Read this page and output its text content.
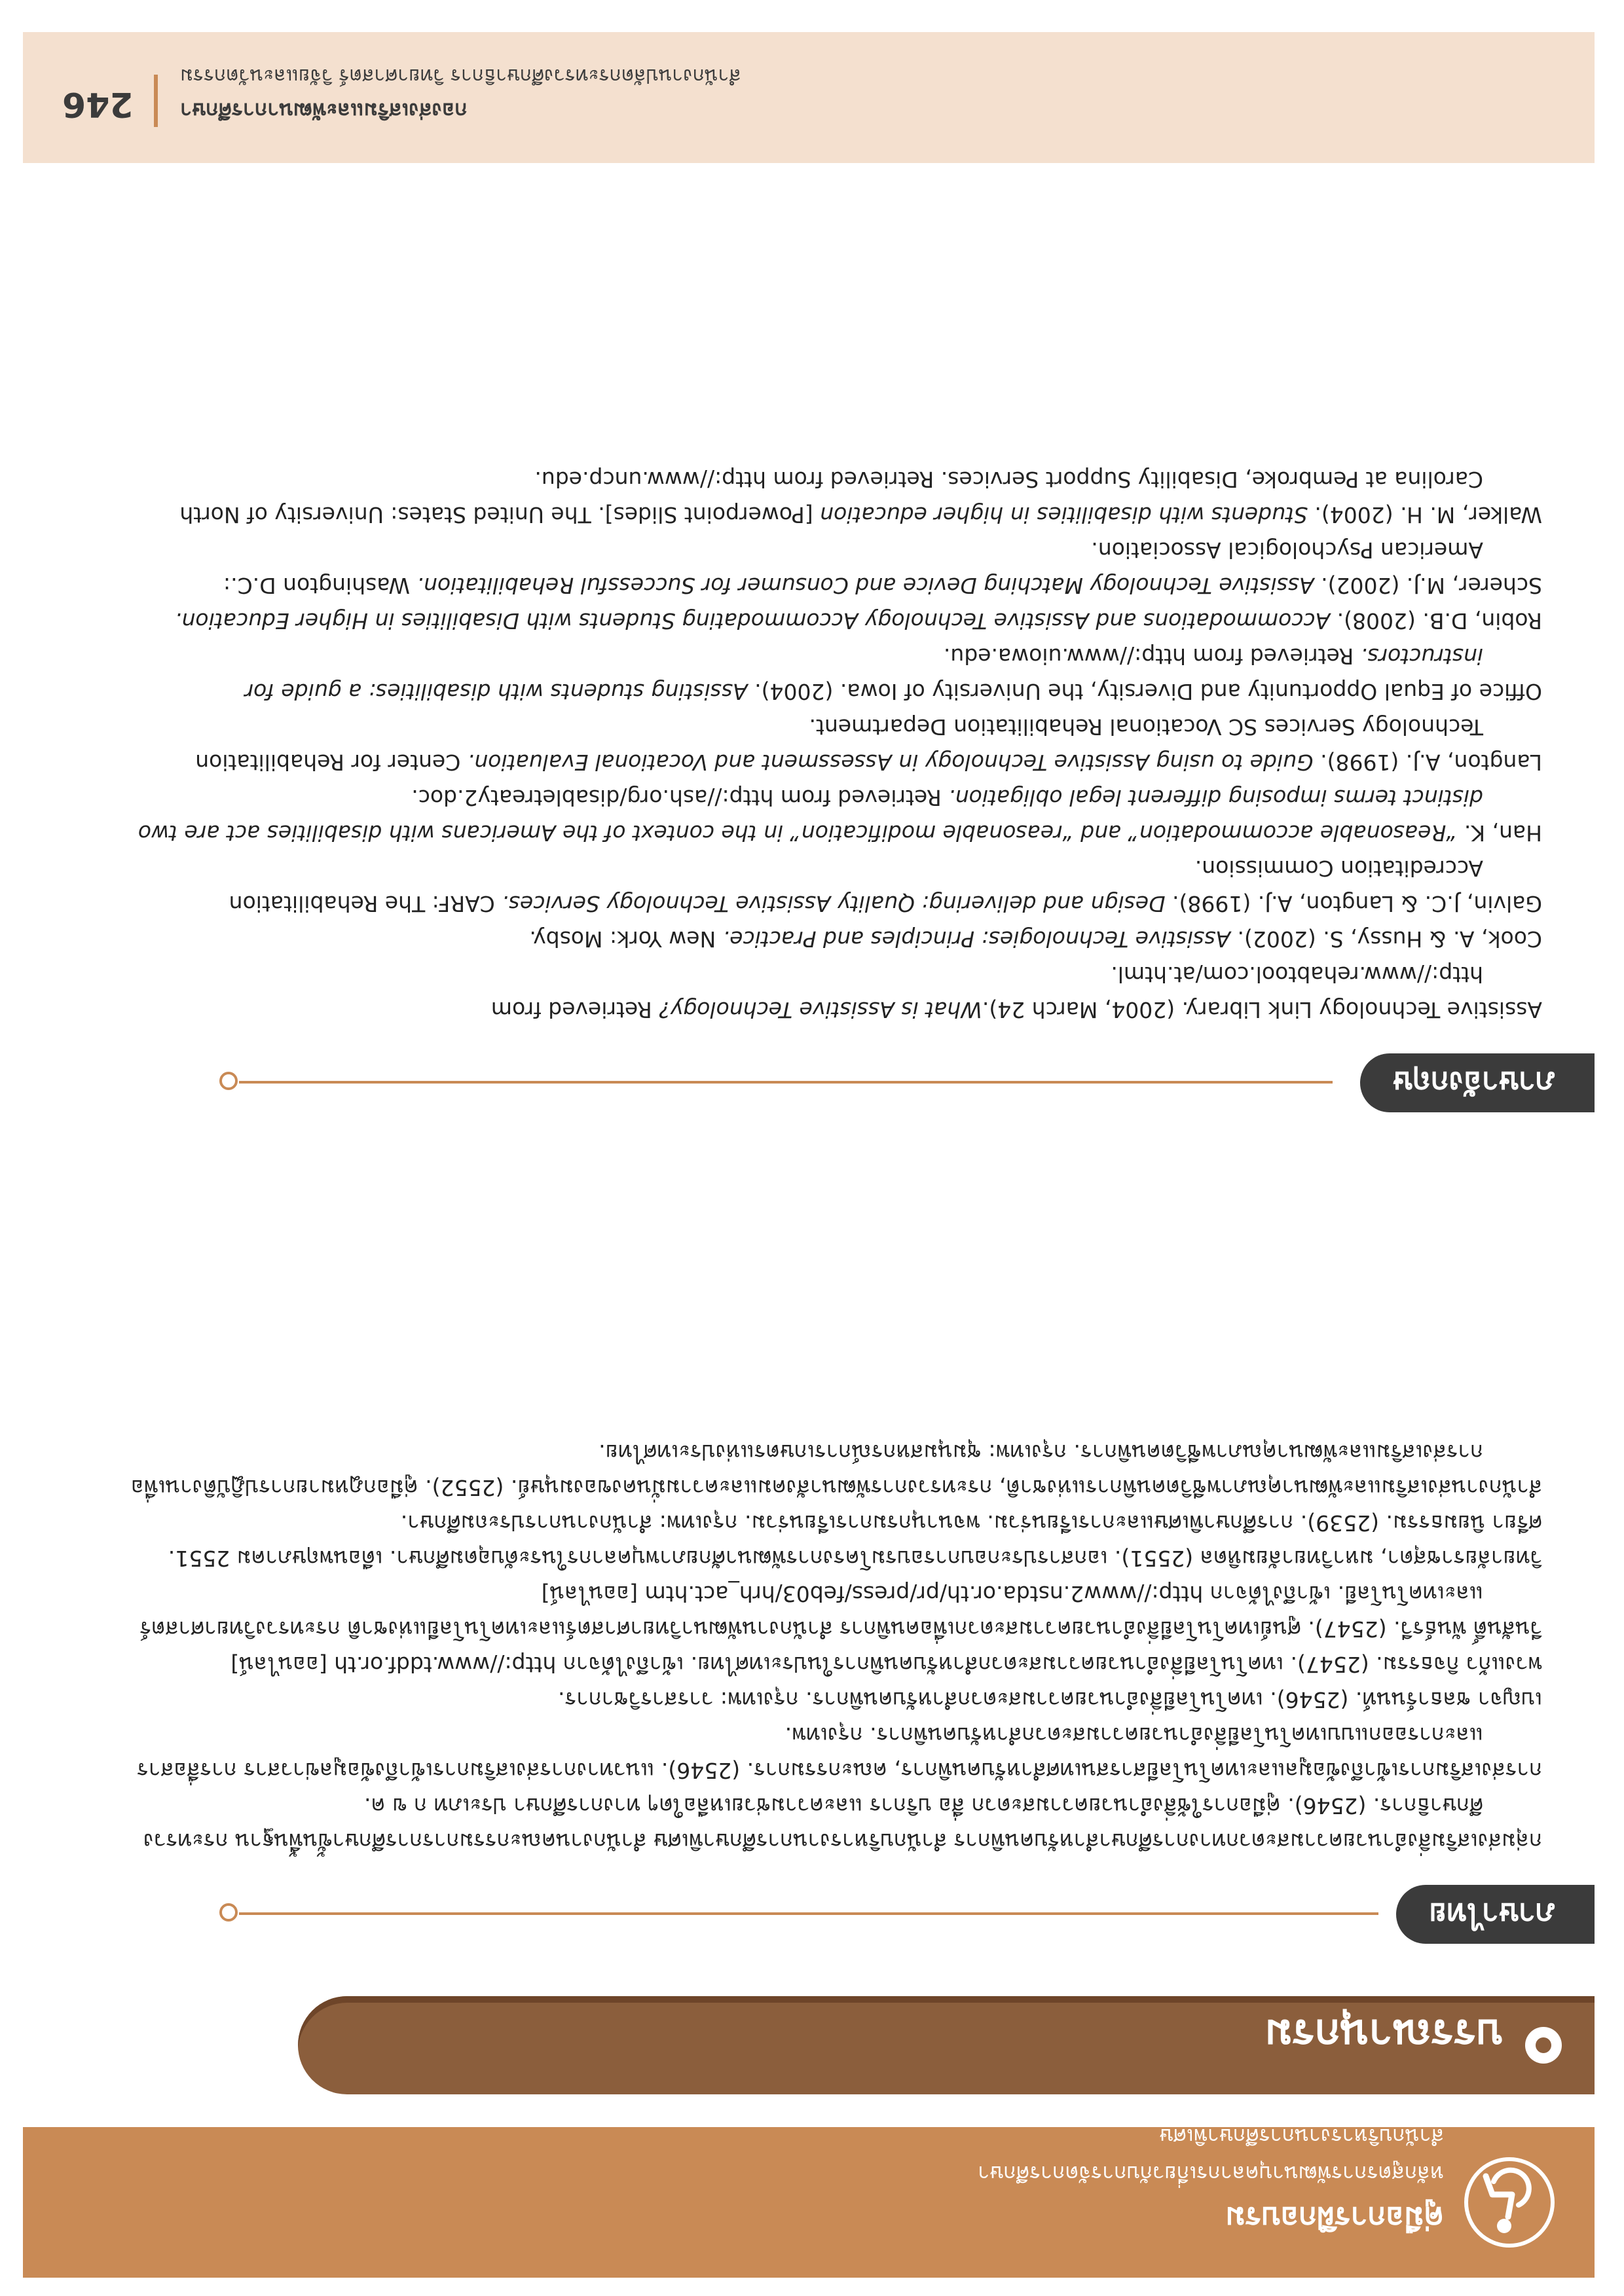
คู่มือการฝึกอบรม
หลักสูตรการพัฒนาบุคลากรเกี่ยวกับการจัดการศึกษา
สำนักบริหารงานการศึกษาพิเศษ
บรรณานุกรม
ภาษาไทย

กลุ่มส่งเสริมสิ่งอำนวยความสะดวกทางการศึกษาสำหรับคนพิการ สำนักบริหารงานการศึกษาพิเศษ สำนักงานคณะกรรมการการศึกษาขั้นพื้นฐาน กระทรวงศึกษาธิการ. (2546). คู่มือการใช้สิ่งอำนวยความสะดวก สื่อ บริการ และความช่วยเหลือใดๆ ทางการศึกษา ประเภท ก ข ค.

การส่งเสริมการเข้าถึงข้อมูลและเทคโนโลยีสารสนเทศสำหรับคนพิการ, คณะกรรมการ. (2546). แนวทางการส่งเสริมการเข้าถึงข้อมูลข่าวสาร การสื่อสาร และการออกแบบเทคโนโลยีสิ่งอำนวยความสะดวกสำหรับคนพิการ. กรุงเทพ.

เบญจา ชลธาร์นนท์. (2546). เทคโนโลยีสิ่งอำนวยความสะดวกสำหรับคนพิการ. กรุงเทพ: วารสารวิชาการ.

พวงแก้ว กิจธรรม. (2547). เทคโนโลยีสิ่งอำนวยความสะดวกสำหรับคนพิการในประเทศไทย. เข้าถึงได้จาก http://www.tddf.or.th [ออนไลน์]

วีนสันติ์ พันธ์รวี. (2547). ศูนย์เทคโนโลยีสิ่งอำนวยความสะดวกเพื่อคนพิการ สำนักงานพัฒนาวิทยาศาสตร์และเทคโนโลยีแห่งชาติ กระทรวงวิทยาศาสตร์และเทคโนโลยี. เข้าถึงได้จาก http://www2.nstda.or.th/pr/press/feb03/hrh_act.htm [ออนไลน์]

วิทยาลัยราชสุดา, มหาวิทยาลัยมหิดล (2551). เอกสารประกอบการอบรมโครงการพัฒนาศักยภาพบุคลากรในระดับอุดมศึกษา. เดือนพฤษภาคม 2551.

ศรียา นิยมธรรม. (2539). การศึกษาพิเศษและการเรียนร่วม. พจนานุกรมการเรียนร่วม. กรุงเทพ: สำนักงานการประถมศึกษา.

สำนักงานส่งเสริมและพัฒนาคุณภาพชีวิตคนพิการแห่งชาติ, กระทรวงการพัฒนาสังคมและความมั่นคงของมนุษย์. (2552). คู่มือกฎหมายการปฏิบัติงานเพื่อการส่งเสริมและพัฒนาคุณภาพชีวิตคนพิการ. กรุงเทพ: ชุมนุมสหกรณ์การเกษตรแห่งประเทศไทย.

ภาษาอังกฤษ

Assistive Technology Link Library. (2004, March 24).What is Assistive Technology? Retrieved from http://www.rehabtool.com/at.html.

Cook, A. & Hussy, S. (2002). Assistive Technologies: Principles and Practice. New York: Mosby.

Galvin, J.C. & Langton, A.J. (1998). Design and delivering: Quality Assistive Technology Services. CARF: The Rehabilitation Accreditation Commission.

Han, K. “Reasonable accommodation” and “reasonable modification” in the context of the Americans with disabilities act are two distinct terms imposing different legal obligation. Retrieved from http://ash.org/disabletreaty2.doc.

Langton, A.J. (1998). Guide to using Assistive Technology in Assessment and Vocational Evaluation. Center for Rehabilitation Technology Services SC Vocational Rehabilitation Department.

Office of Equal Opportunity and Diversity, the University of Iowa. (2004). Assisting students with disabilities: a guide for instructors. Retrieved from http://www.uiowa.edu.

Robin, D.B. (2008). Accommodations and Assistive Technology Accommodating Students with Disabilities in Higher Education.

Scherer, M.J. (2002). Assistive Technology Matching Device and Consumer for Successful Rehabilitation. Washington D.C.: American Psychological Association.

Walker, M. H. (2004). Students with disabilities in higher education [Powerpoint Slides]. The United States: University of North Carolina at Pembroke, Disability Support Services. Retrieved from http://www.uncp.edu.

กองส่งเสริมและพัฒนาการศึกษา
สำนักงานปลัดกระทรวงศึกษาธิการ วิทยาศาสตร์ วิจัยและนวัตกรรม
246
